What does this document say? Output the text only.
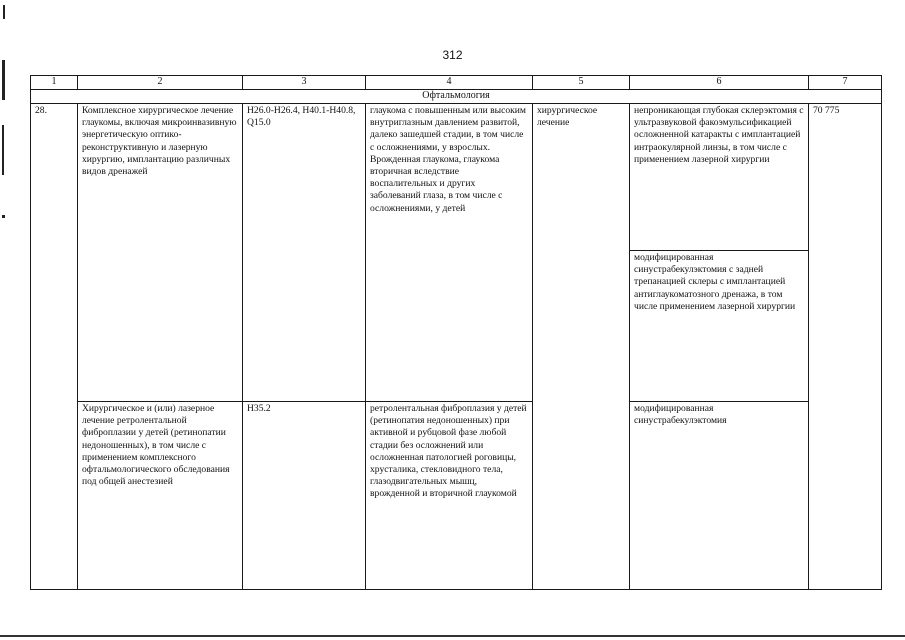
312
1	2	3	4	5	6	7
Офтальмология						
28.	Комплексное хирургическое лечение глаукомы, включая микроинвазивную энергетическую оптико-реконструктивную и лазерную хирургию, имплантацию различных видов дренажей	H26.0-H26.4, H40.1-H40.8, Q15.0	глаукома с повышенным или высоким внутриглазным давлением развитой, далеко зашедшей стадии, в том числе с осложнениями, у взрослых. Врожденная глаукома, глаукома вторичная вследствие воспалительных и других заболеваний глаза, в том числе с осложнениями, у детей	хирургическое лечение	непроникающая глубокая склерэктомия с ультразвуковой факоэмульсификацией осложненной катаракты с имплантацией интраокулярной линзы, в том числе с применением лазерной хирургии	70 775
					модифицированная синустрабекулэктомия с задней трепанацией склеры с имплантацией антиглаукоматозного дренажа, в том числе применением лазерной хирургии	
	Хирургическое и (или) лазерное лечение ретролентальной фиброплазии у детей (ретинопатии недоношенных), в том числе с применением комплексного офтальмологического обследования под общей анестезией	H35.2	ретролентальная фиброплазия у детей (ретинопатия недоношенных) при активной и рубцовой фазе любой стадии без осложнений или осложненная патологией роговицы, хрусталика, стекловидного тела, глазодвигательных мышц, врожденной и вторичной глаукомой		модифицированная синустрабекулэктомия	
